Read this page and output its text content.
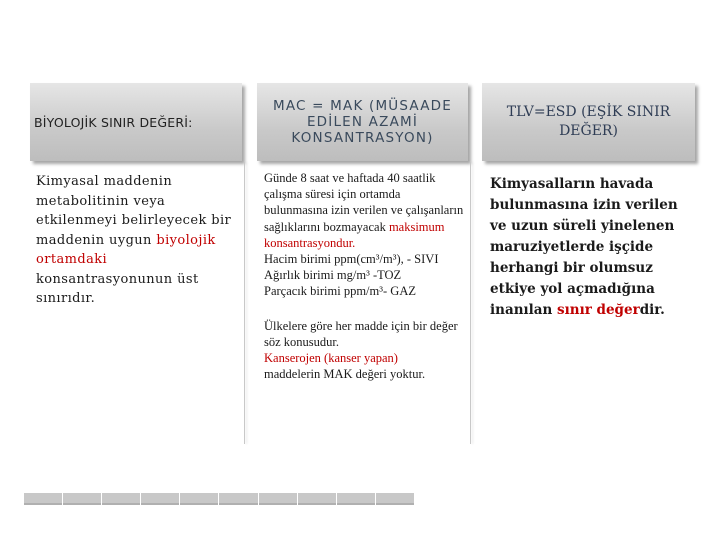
BİYOLOJİK SINIR DEĞERİ:
MAC = MAK (MÜSAADE EDİLEN AZAMİ KONSANTRASYON)
TLV=ESD (EŞİK SINIR DEĞER)
Kimyasal maddenin metabolitinin veya etkilenmeyi belirleyecek bir maddenin uygun biyolojik ortamdaki konsantrasyonunun üst sınırıdır.
Günde 8 saat ve haftada 40 saatlik çalışma süresi için ortamda bulunmasına izin verilen ve çalışanların sağlıklarını bozmayacak maksimum konsantrasyondur.
Hacim birimi ppm(cm³/m³), - SIVI
Ağırlık birimi mg/m³ -TOZ
Parçacık birimi ppm/m³- GAZ
Ülkelere göre her madde için bir değer söz konusudur.
Kanserojen (kanser yapan)
maddelerin MAK değeri yoktur.
Kimyasalların havada bulunmasına izin verilen ve uzun süreli yinelenen maruziyetlerde işçide herhangi bir olumsuz etkiye yol açmadığına inanılan sınır değerdir.
